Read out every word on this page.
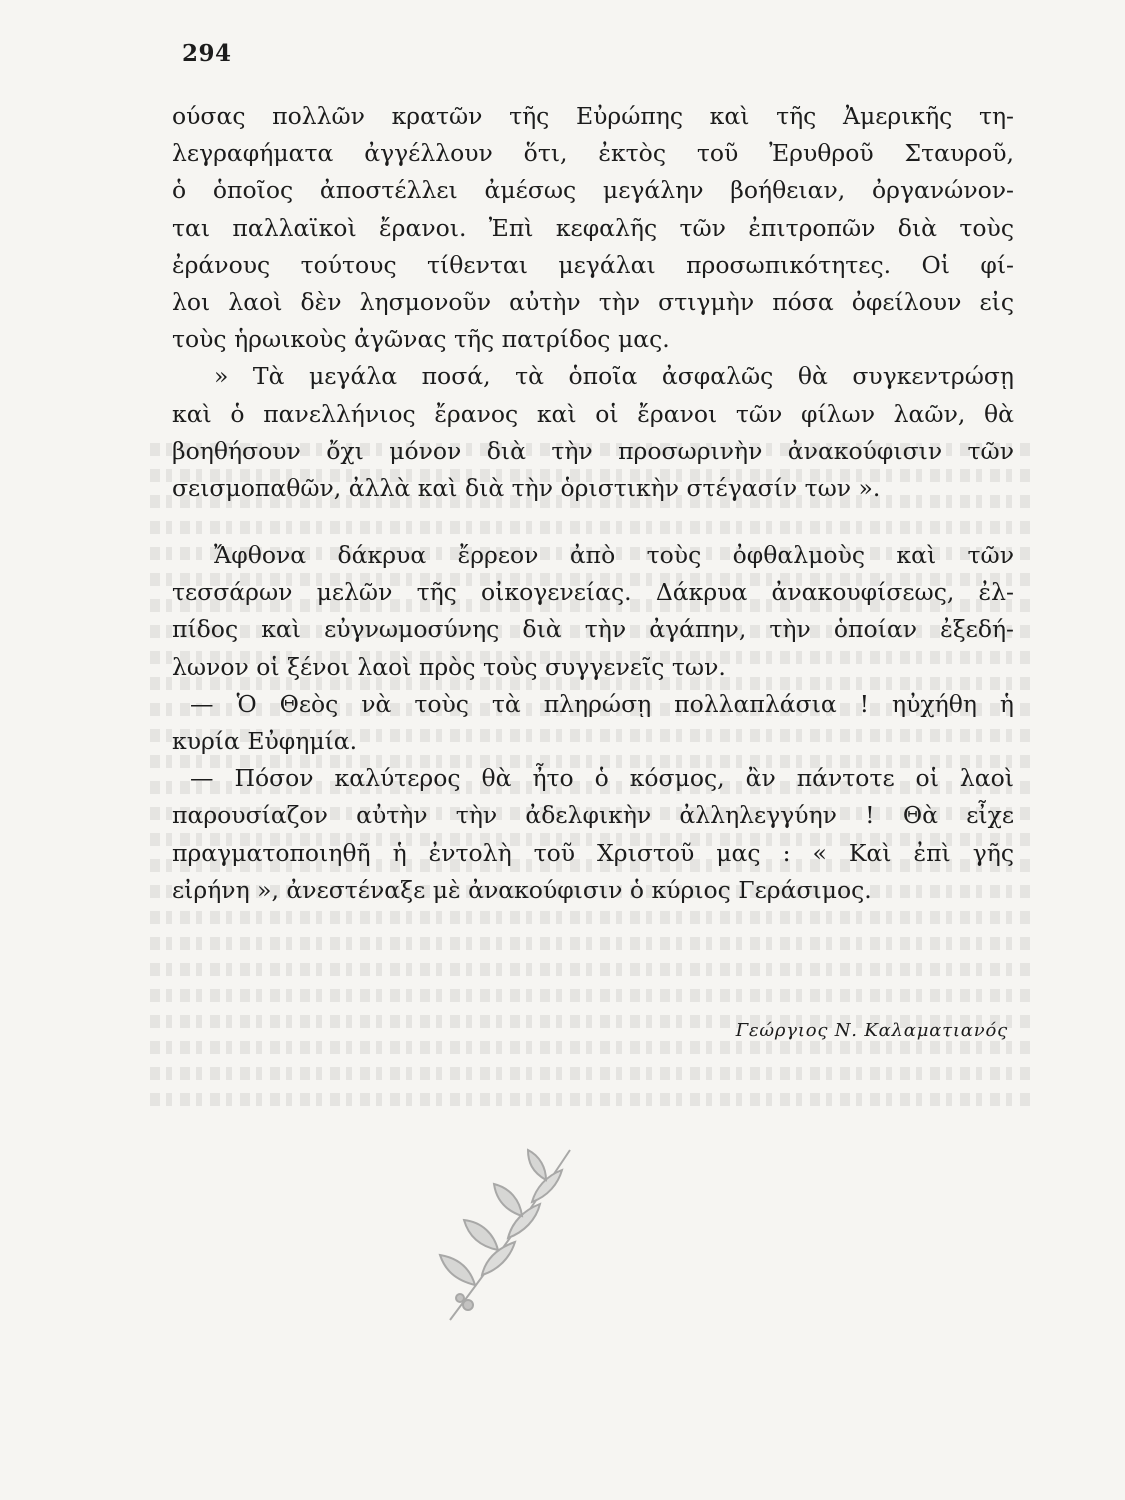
294
ούσας πολλῶν κρατῶν τῆς Εὐρώπης καὶ τῆς Ἀμερικῆς τη-
λεγραφήματα ἀγγέλλουν ὅτι, ἐκτὸς τοῦ Ἐρυθροῦ Σταυροῦ,
ὁ ὁποῖος ἀποστέλλει ἀμέσως μεγάλην βοήθειαν, ὀργανώνον-
ται παλλαϊκοὶ ἔρανοι. Ἐπὶ κεφαλῆς τῶν ἐπιτροπῶν διὰ τοὺς
ἐράνους τούτους τίθενται μεγάλαι προσωπικότητες. Οἱ φί-
λοι λαοὶ δὲν λησμονοῦν αὐτὴν τὴν στιγμὴν πόσα ὀφείλουν εἰς
τοὺς ἡρωικοὺς ἀγῶνας τῆς πατρίδος μας.
» Τὰ μεγάλα ποσά, τὰ ὁποῖα ἀσφαλῶς θὰ συγκεντρώσῃ
καὶ ὁ πανελλήνιος ἔρανος καὶ οἱ ἔρανοι τῶν φίλων λαῶν, θὰ
βοηθήσουν ὄχι μόνον διὰ τὴν προσωρινὴν ἀνακούφισιν τῶν
σεισμοπαθῶν, ἀλλὰ καὶ διὰ τὴν ὁριστικὴν στέγασίν των ».
Ἄφθονα δάκρυα ἔρρεον ἀπὸ τοὺς ὀφθαλμοὺς καὶ τῶν
τεσσάρων μελῶν τῆς οἰκογενείας. Δάκρυα ἀνακουφίσεως, ἐλ-
πίδος καὶ εὐγνωμοσύνης διὰ τὴν ἀγάπην, τὴν ὁποίαν ἐξεδή-
λωνον οἱ ξένοι λαοὶ πρὸς τοὺς συγγενεῖς των.
— Ὁ Θεὸς νὰ τοὺς τὰ πληρώσῃ πολλαπλάσια ! ηὐχήθη ἡ
κυρία Εὐφημία.
— Πόσον καλύτερος θὰ ἦτο ὁ κόσμος, ἂν πάντοτε οἱ λαοὶ
παρουσίαζον αὐτὴν τὴν ἀδελφικὴν ἀλληλεγγύην ! Θὰ εἶχε
πραγματοποιηθῆ ἡ ἐντολὴ τοῦ Χριστοῦ μας : « Καὶ ἐπὶ γῆς
εἰρήνη », ἀνεστέναξε μὲ ἀνακούφισιν ὁ κύριος Γεράσιμος.
Γεώργιος Ν. Καλαματιανός
